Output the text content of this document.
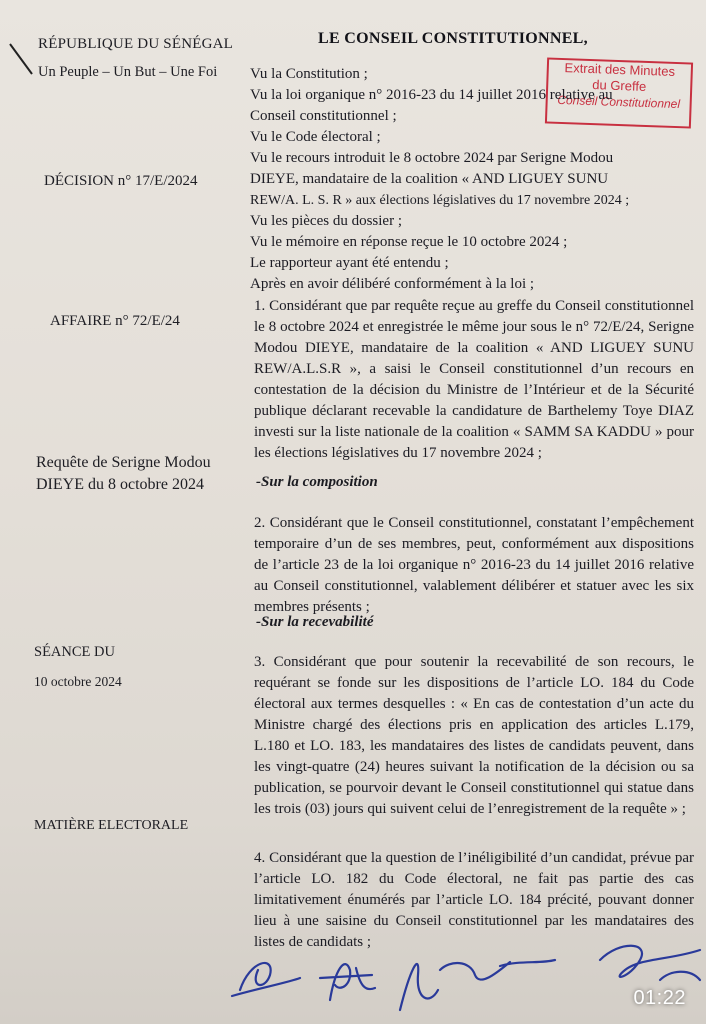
RÉPUBLIQUE DU SÉNÉGAL
Un Peuple – Un But – Une Foi
DÉCISION n° 17/E/2024
AFFAIRE n° 72/E/24
Requête de Serigne Modou DIEYE du 8 octobre 2024
SÉANCE DU
10 octobre 2024
MATIÈRE ELECTORALE
LE CONSEIL CONSTITUTIONNEL,
Extrait des Minutes
du Greffe
Conseil Constitutionnel
Vu la Constitution ;
Vu la loi organique n° 2016-23 du 14 juillet 2016 relative au
Conseil constitutionnel ;
Vu le Code électoral ;
Vu le recours introduit le 8 octobre 2024 par Serigne Modou
DIEYE, mandataire de la coalition « AND LIGUEY SUNU
REW/A. L. S. R » aux élections législatives du 17 novembre 2024 ;
Vu les pièces du dossier ;
Vu le mémoire en réponse reçue le 10 octobre 2024 ;
Le rapporteur ayant été entendu ;
Après en avoir délibéré conformément à la loi ;
1. Considérant que par requête reçue au greffe du Conseil constitutionnel le 8 octobre 2024 et enregistrée le même jour sous le n° 72/E/24, Serigne Modou DIEYE, mandataire de la coalition « AND LIGUEY SUNU REW/A.L.S.R », a saisi le Conseil constitutionnel d’un recours en contestation de la décision du Ministre de l’Intérieur et de la Sécurité publique déclarant recevable la candidature de Barthelemy Toye DIAZ investi sur la liste nationale de la coalition « SAMM SA KADDU » pour les élections législatives du 17 novembre 2024 ;
-Sur la composition
2. Considérant que le Conseil constitutionnel, constatant l’empêchement temporaire d’un de ses membres, peut, conformément aux dispositions de l’article 23 de la loi organique n° 2016-23 du 14 juillet 2016 relative au Conseil constitutionnel, valablement délibérer et statuer avec les six membres présents ;
-Sur la recevabilité
3. Considérant que pour soutenir la recevabilité de son recours, le requérant se fonde sur les dispositions de l’article LO. 184 du Code électoral aux termes desquelles : « En cas de contestation d’un acte du Ministre chargé des élections pris en application des articles L.179, L.180 et LO. 183, les mandataires des listes de candidats peuvent, dans les vingt-quatre (24) heures suivant la notification de la décision ou sa publication, se pourvoir devant le Conseil constitutionnel qui statue dans les trois (03) jours qui suivent celui de l’enregistrement de la requête » ;
4. Considérant que la question de l’inéligibilité d’un candidat, prévue par l’article LO. 182 du Code électoral, ne fait pas partie des cas limitativement énumérés par l’article LO. 184 précité, pouvant donner lieu à une saisine du Conseil constitutionnel par les mandataires des listes de candidats ;
01:22
